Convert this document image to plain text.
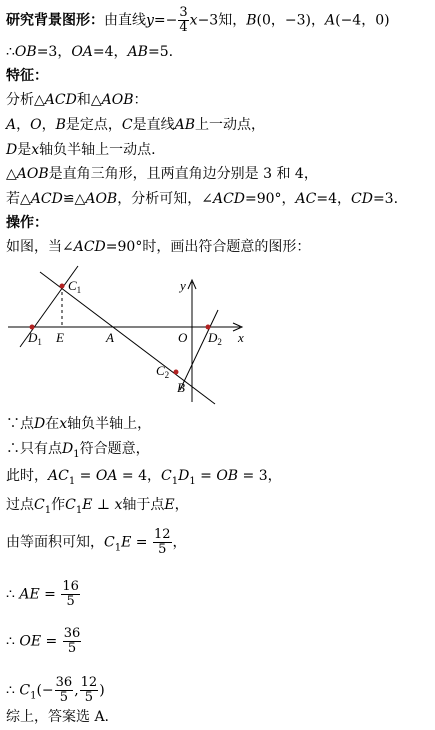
研究背景图形：由直线$y=- \frac{3}{4} x-3$知，B(0，−3)，A(−4，0)
∴OB=3，OA=4，AB=5.
特征：
分析△ACD和△AOB：
A，O，B是定点，C是直线AB上一动点，
D是x轴负半轴上一动点.
△AOB是直角三角形，且两直角边分别是 3 和 4，
若△ACD≌△AOB，分析可知，∠ACD=90°，AC=4，CD=3.
操作：
如图，当∠ACD=90°时，画出符合题意的图形：
y
x
$C_1$
$D_1$ E	A	O $D_2$
$C_2$
B
∵点D在x轴负半轴上，
∴只有点$D_1$符合题意，
此时，$AC_1$ = OA = 4，$C_1D_1$ = OB = 3，
过点$C_1$作$C_1E$ ⊥ x轴于点E，
由等面积可知，$C_1E = \frac{12}{5}$ ，
∴ AE = $\frac{16}{5}$
∴ OE = $\frac{36}{5}$
∴ $C_1(- \frac{36}{5}$ , $\frac{12}{5}$ )
综上，答案选 A.
